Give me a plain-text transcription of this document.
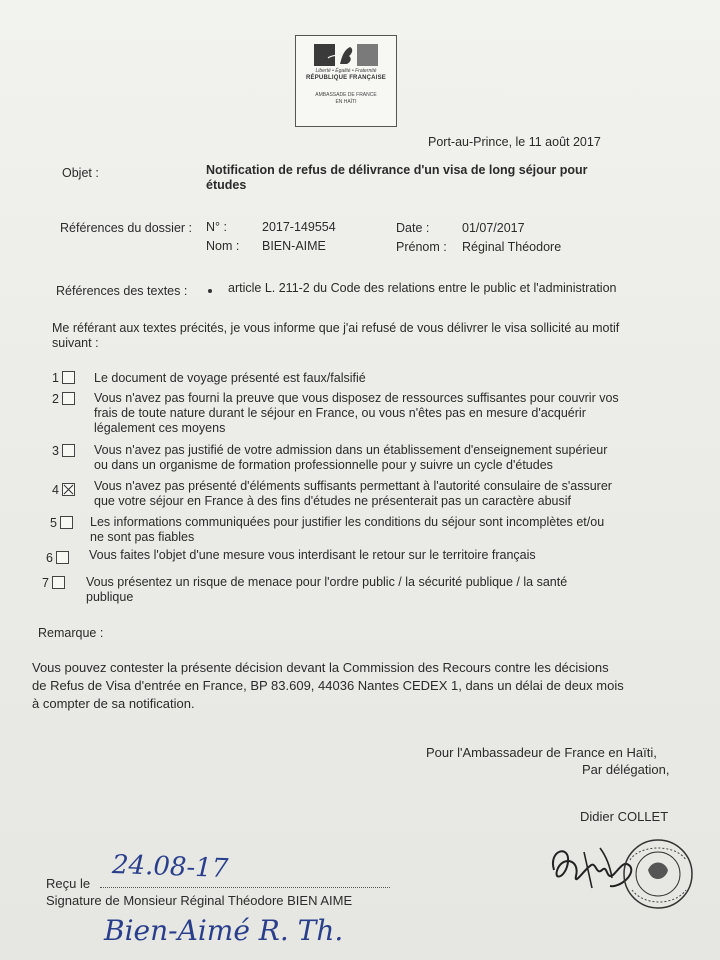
Liberté • Égalité • Fraternité
RÉPUBLIQUE FRANÇAISE
AMBASSADE DE FRANCE
EN HAÏTI
Port-au-Prince, le 11 août 2017
Objet :	Notification de refus de délivrance d'un visa de long séjour pour
études
Références du dossier : N° :	2017-149554	Date :	01/07/2017
Nom : BIEN-AIME	Prénom : Réginal Théodore
Références des textes :	article L. 211-2 du Code des relations entre le public et l'administration
Me référant aux textes précités, je vous informe que j'ai refusé de vous délivrer le visa sollicité au motif
suivant :
1	Le document de voyage présenté est faux/falsifié
2	Vous n'avez pas fourni la preuve que vous disposez de ressources suffisantes pour couvrir vos
frais de toute nature durant le séjour en France, ou vous n'êtes pas en mesure d'acquérir
légalement ces moyens
3	Vous n'avez pas justifié de votre admission dans un établissement d'enseignement supérieur
ou dans un organisme de formation professionnelle pour y suivre un cycle d'études
4	Vous n'avez pas présenté d'éléments suffisants permettant à l'autorité consulaire de s'assurer
que votre séjour en France à des fins d'études ne présenterait pas un caractère abusif
5	Les informations communiquées pour justifier les conditions du séjour sont incomplètes et/ou
ne sont pas fiables
6	Vous faites l'objet d'une mesure vous interdisant le retour sur le territoire français
7	Vous présentez un risque de menace pour l'ordre public / la sécurité publique / la santé
publique
Remarque :
Vous pouvez contester la présente décision devant la Commission des Recours contre les décisions
de Refus de Visa d'entrée en France, BP 83.609, 44036 Nantes CEDEX 1, dans un délai de deux mois
à compter de sa notification.
Pour l'Ambassadeur de France en Haïti,
Par délégation,
Didier COLLET
Reçu le 24.08-17
Signature de Monsieur Réginal Théodore BIEN AIME
Bien-Aimé R. Th.
